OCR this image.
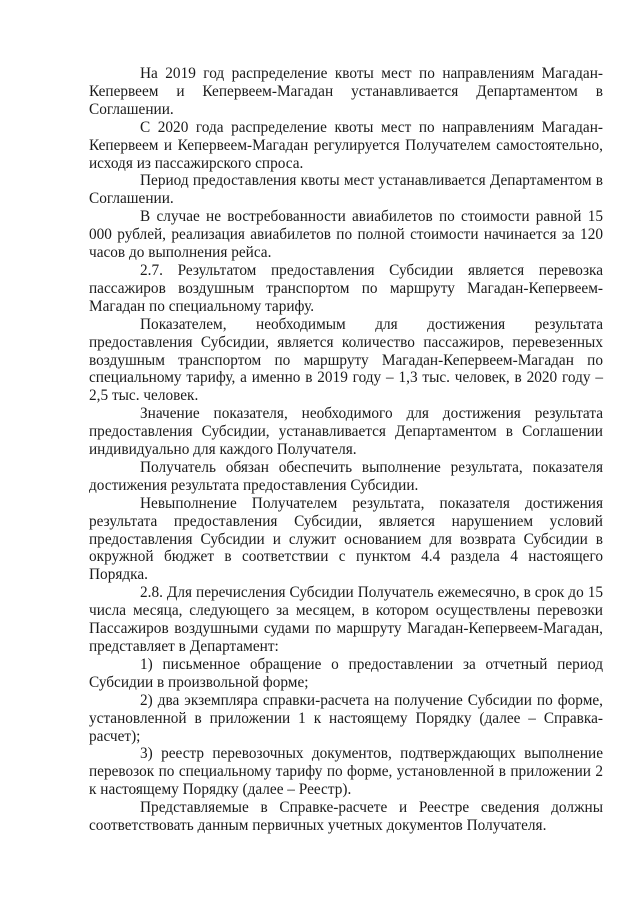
На 2019 год распределение квоты мест по направлениям Магадан-Кепервеем и Кепервеем-Магадан устанавливается Департаментом в Соглашении.

С 2020 года распределение квоты мест по направлениям Магадан-Кепервеем и Кепервеем-Магадан регулируется Получателем самостоятельно, исходя из пассажирского спроса.

Период предоставления квоты мест устанавливается Департаментом в Соглашении.

В случае не востребованности авиабилетов по стоимости равной 15 000 рублей, реализация авиабилетов по полной стоимости начинается за 120 часов до выполнения рейса.

2.7. Результатом предоставления Субсидии является перевозка пассажиров воздушным транспортом по маршруту Магадан-Кепервеем-Магадан по специальному тарифу.

Показателем, необходимым для достижения результата предоставления Субсидии, является количество пассажиров, перевезенных воздушным транспортом по маршруту Магадан-Кепервеем-Магадан по специальному тарифу, а именно в 2019 году – 1,3 тыс. человек, в 2020 году – 2,5 тыс. человек.

Значение показателя, необходимого для достижения результата предоставления Субсидии, устанавливается Департаментом в Соглашении индивидуально для каждого Получателя.

Получатель обязан обеспечить выполнение результата, показателя достижения результата предоставления Субсидии.

Невыполнение Получателем результата, показателя достижения результата предоставления Субсидии, является нарушением условий предоставления Субсидии и служит основанием для возврата Субсидии в окружной бюджет в соответствии с пунктом 4.4 раздела 4 настоящего Порядка.

2.8. Для перечисления Субсидии Получатель ежемесячно, в срок до 15 числа месяца, следующего за месяцем, в котором осуществлены перевозки Пассажиров воздушными судами по маршруту Магадан-Кепервеем-Магадан, представляет в Департамент:

1) письменное обращение о предоставлении за отчетный период Субсидии в произвольной форме;

2) два экземпляра справки-расчета на получение Субсидии по форме, установленной в приложении 1 к настоящему Порядку (далее – Справка-расчет);

3) реестр перевозочных документов, подтверждающих выполнение перевозок по специальному тарифу по форме, установленной в приложении 2 к настоящему Порядку (далее – Реестр).

Представляемые в Справке-расчете и Реестре сведения должны соответствовать данным первичных учетных документов Получателя.
